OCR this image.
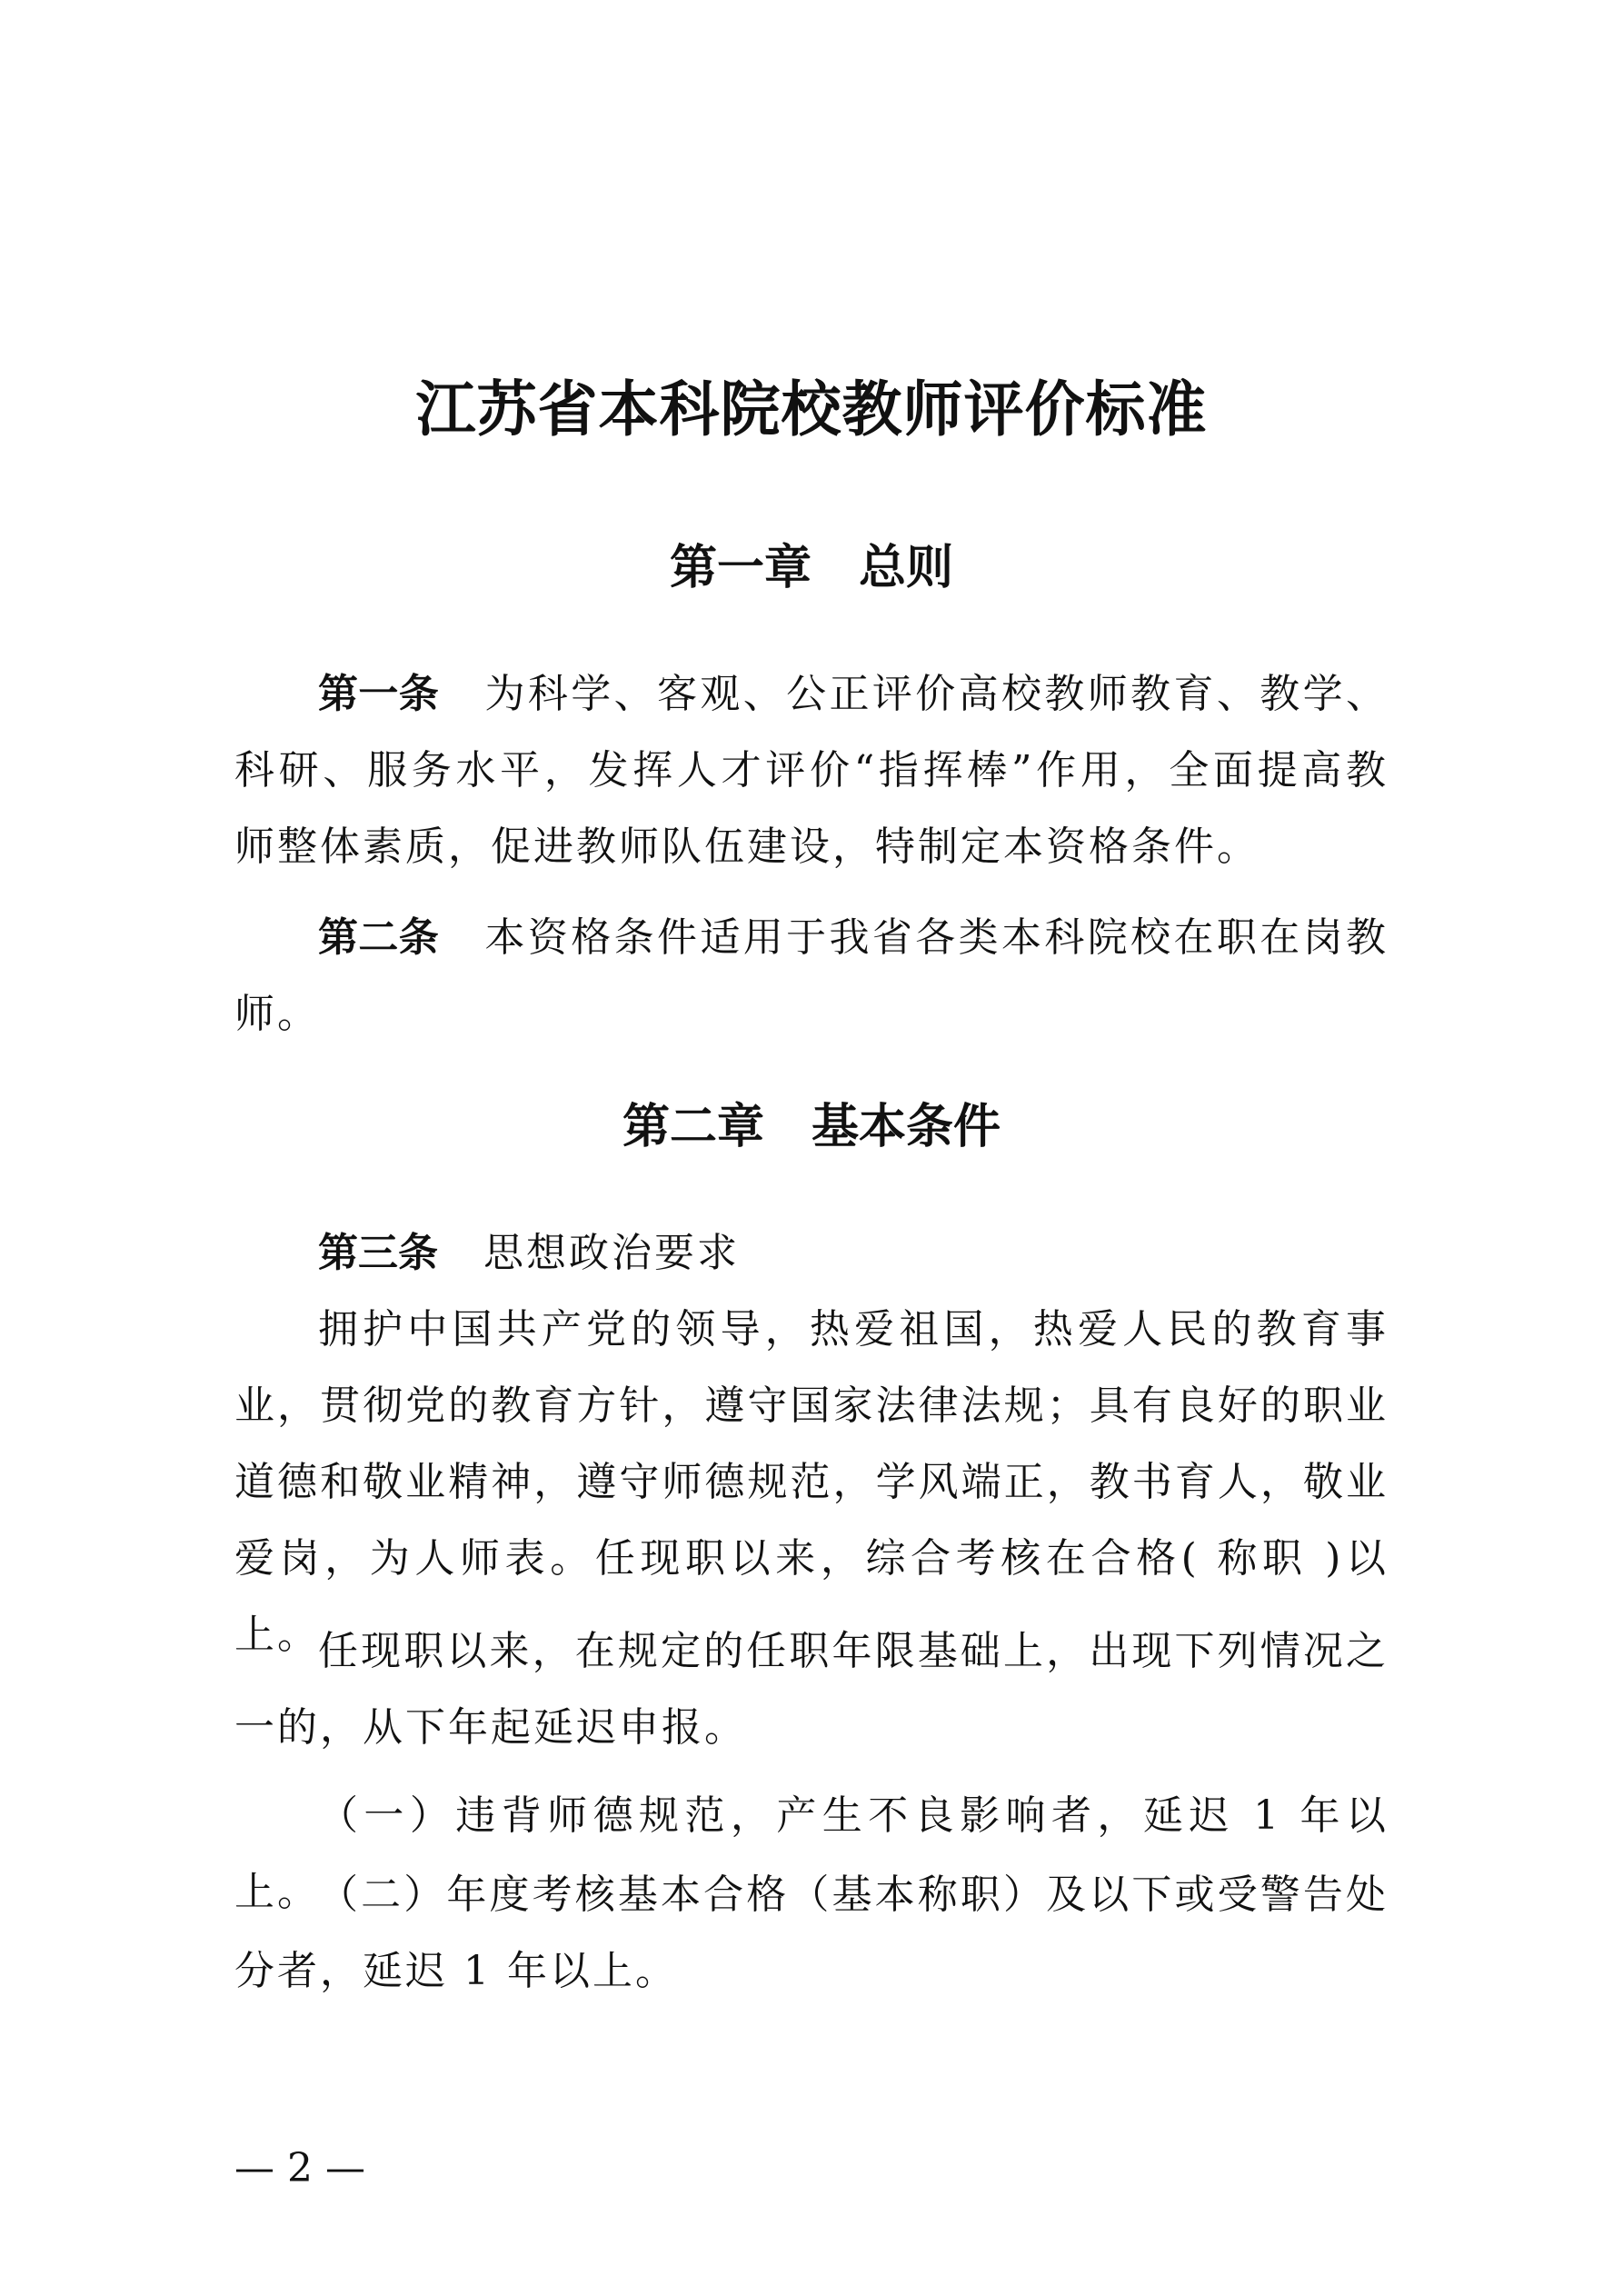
江苏省本科院校教师评价标准
第一章 总则
第一条 为科学、客观、公正评价高校教师教育、教学、科研、服务水平，发挥人才评价“指挥棒”作用，全面提高教师整体素质，促进教师队伍建设，特制定本资格条件。
第二条 本资格条件适用于我省各类本科院校在职在岗教师。
第二章 基本条件
第三条 思想政治要求
拥护中国共产党的领导，热爱祖国，热爱人民的教育事业，贯彻党的教育方针，遵守国家法律法规；具有良好的职业道德和敬业精神，遵守师德规范，学风端正，教书育人，敬业爱岗，为人师表。任现职以来，综合考核在合格( 称职 )以上。
任现职以来，在规定的任职年限基础上，出现下列情况之一的，从下年起延迟申报。
（一）违背师德规范，产生不良影响者，延迟 1 年以上。
（二）年度考核基本合格（基本称职）及以下或受警告处分者，延迟 1 年以上。
— 2 —
